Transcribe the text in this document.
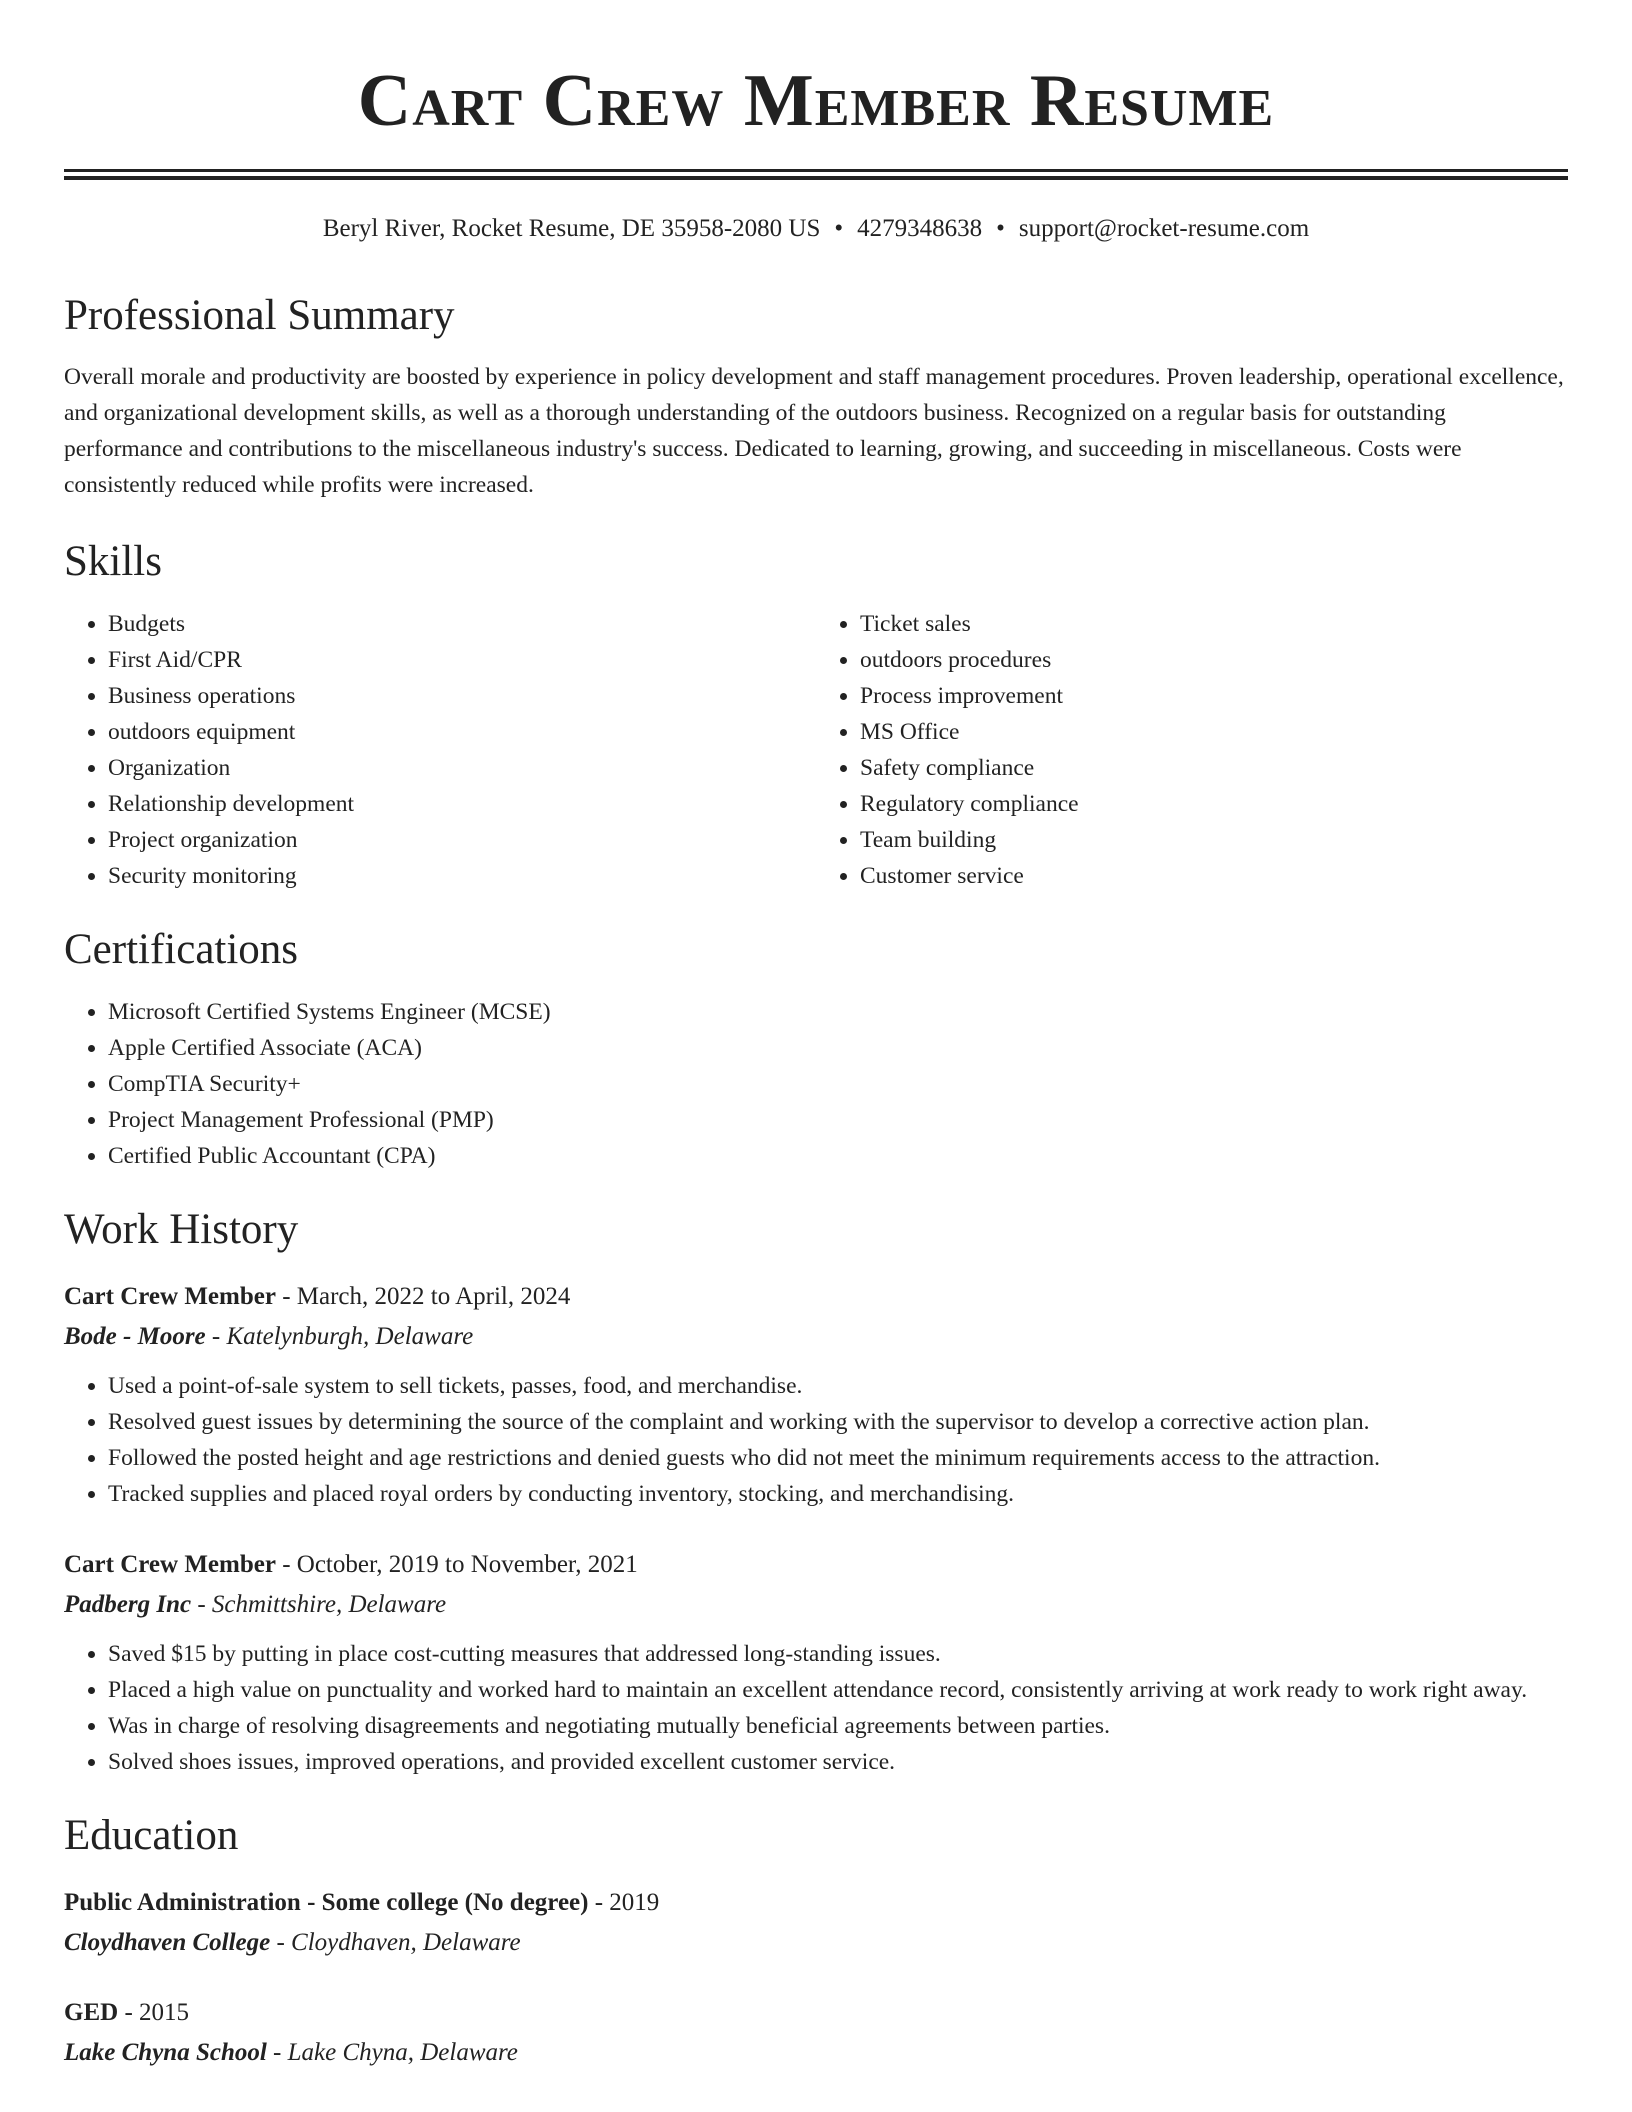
Cart Crew Member Resume
Beryl River, Rocket Resume, DE 35958-2080 US • 4279348638 • support@rocket-resume.com
Professional Summary

Overall morale and productivity are boosted by experience in policy development and staff management procedures. Proven leadership, operational excellence, and organizational development skills, as well as a thorough understanding of the outdoors business. Recognized on a regular basis for outstanding performance and contributions to the miscellaneous industry's success. Dedicated to learning, growing, and succeeding in miscellaneous. Costs were consistently reduced while profits were increased.

Skills
• Budgets
• First Aid/CPR
• Business operations
• outdoors equipment
• Organization
• Relationship development
• Project organization
• Security monitoring
• Ticket sales
• outdoors procedures
• Process improvement
• MS Office
• Safety compliance
• Regulatory compliance
• Team building
• Customer service
Certifications
• Microsoft Certified Systems Engineer (MCSE)
• Apple Certified Associate (ACA)
• CompTIA Security+
• Project Management Professional (PMP)
• Certified Public Accountant (CPA)
Work History
Cart Crew Member - March, 2022 to April, 2024
Bode - Moore - Katelynburgh, Delaware
• Used a point-of-sale system to sell tickets, passes, food, and merchandise.
• Resolved guest issues by determining the source of the complaint and working with the supervisor to develop a corrective action plan.
• Followed the posted height and age restrictions and denied guests who did not meet the minimum requirements access to the attraction.
• Tracked supplies and placed royal orders by conducting inventory, stocking, and merchandising.
Cart Crew Member - October, 2019 to November, 2021
Padberg Inc - Schmittshire, Delaware
• Saved $15 by putting in place cost-cutting measures that addressed long-standing issues.
• Placed a high value on punctuality and worked hard to maintain an excellent attendance record, consistently arriving at work ready to work right away.
• Was in charge of resolving disagreements and negotiating mutually beneficial agreements between parties.
• Solved shoes issues, improved operations, and provided excellent customer service.
Education
Public Administration - Some college (No degree) - 2019
Cloydhaven College - Cloydhaven, Delaware
GED - 2015
Lake Chyna School - Lake Chyna, Delaware
